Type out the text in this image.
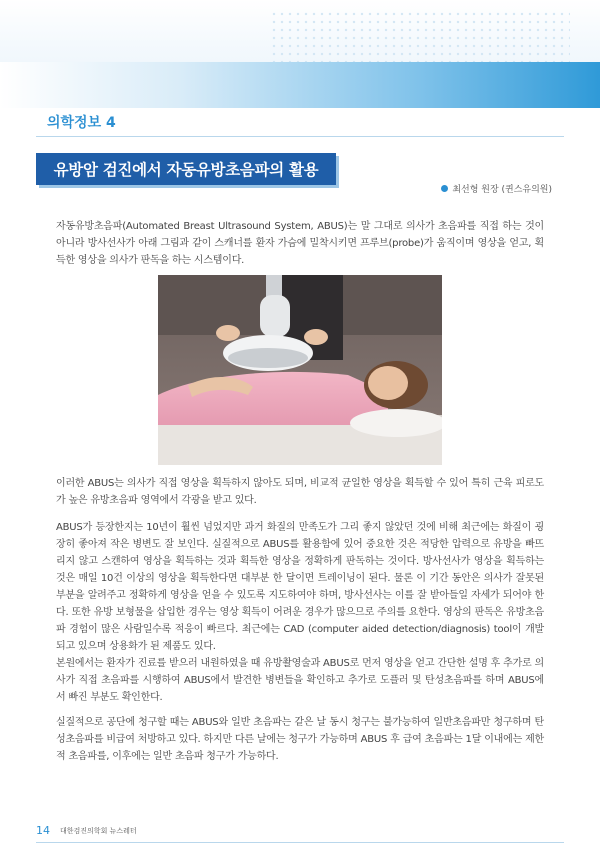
의학정보 4
유방암 검진에서 자동유방초음파의 활용
최선형 원장 (퀸스유의원)

자동유방초음파(Automated Breast Ultrasound System, ABUS)는 말 그대로 의사가 초음파를 직접 하는 것이 아니라 방사선사가 아래 그림과 같이 스캐너를 환자 가슴에 밀착시키면 프루브(probe)가 움직이며 영상을 얻고, 획득한 영상을 의사가 판독을 하는 시스템이다.

이러한 ABUS는 의사가 직접 영상을 획득하지 않아도 되며, 비교적 균일한 영상을 획득할 수 있어 특히 근육 피로도가 높은 유방초음파 영역에서 각광을 받고 있다.

ABUS가 등장한지는 10년이 훨씬 넘었지만 과거 화질의 만족도가 그리 좋지 않았던 것에 비해 최근에는 화질이 굉장히 좋아져 작은 병변도 잘 보인다. 실질적으로 ABUS를 활용함에 있어 중요한 것은 적당한 압력으로 유방을 빠뜨리지 않고 스캔하여 영상을 획득하는 것과 획득한 영상을 정확하게 판독하는 것이다. 방사선사가 영상을 획득하는 것은 매일 10건 이상의 영상을 획득한다면 대부분 한 달이면 트레이닝이 된다. 물론 이 기간 동안은 의사가 잘못된 부분을 알려주고 정확하게 영상을 얻을 수 있도록 지도하여야 하며, 방사선사는 이를 잘 받아들일 자세가 되어야 한다. 또한 유방 보형물을 삽입한 경우는 영상 획득이 어려운 경우가 많으므로 주의를 요한다. 영상의 판독은 유방초음파 경험이 많은 사람일수록 적응이 빠르다. 최근에는 CAD (computer aided detection/diagnosis) tool이 개발되고 있으며 상용화가 된 제품도 있다.

본원에서는 환자가 진료를 받으러 내원하였을 때 유방촬영술과 ABUS로 먼저 영상을 얻고 간단한 설명 후 추가로 의사가 직접 초음파를 시행하여 ABUS에서 발견한 병변들을 확인하고 추가로 도플러 및 탄성초음파를 하며 ABUS에서 빠진 부분도 확인한다.

실질적으로 공단에 청구할 때는 ABUS와 일반 초음파는 같은 날 동시 청구는 불가능하여 일반초음파만 청구하며 탄성초음파를 비급여 처방하고 있다. 하지만 다른 날에는 청구가 가능하며 ABUS 후 급여 초음파는 1달 이내에는 제한적 초음파를, 이후에는 일반 초음파 청구가 가능하다.

14 대한검진의학회 뉴스레터
